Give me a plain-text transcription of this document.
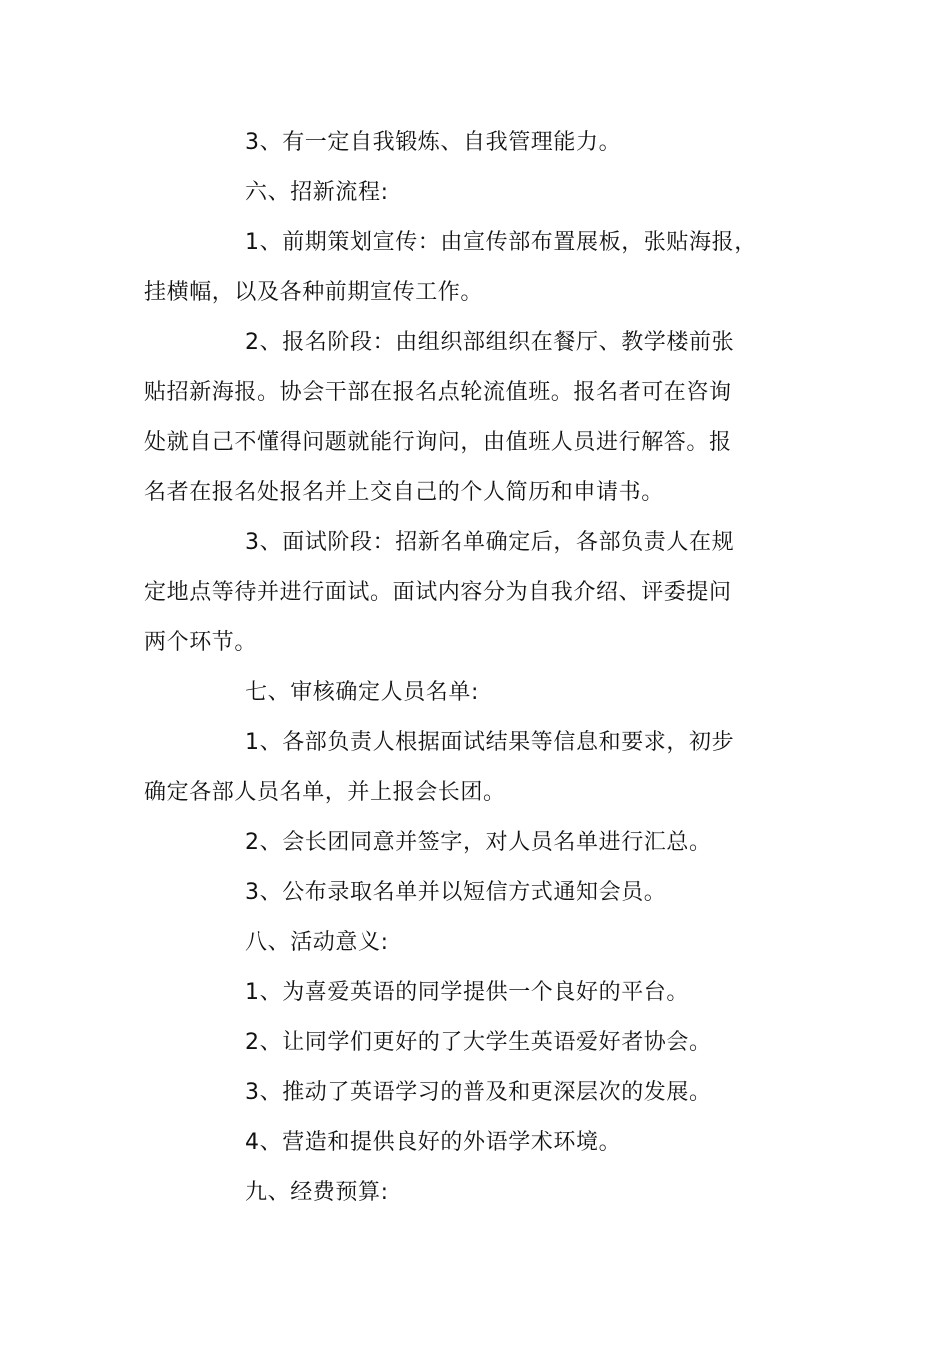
3、有一定自我锻炼、自我管理能力。
六、招新流程:
1、前期策划宣传：由宣传部布置展板，张贴海报，
挂横幅，以及各种前期宣传工作。
2、报名阶段：由组织部组织在餐厅、教学楼前张
贴招新海报。协会干部在报名点轮流值班。报名者可在咨询
处就自己不懂得问题就能行询问，由值班人员进行解答。报
名者在报名处报名并上交自己的个人简历和申请书。
3、面试阶段：招新名单确定后，各部负责人在规
定地点等待并进行面试。面试内容分为自我介绍、评委提问
两个环节。
七、审核确定人员名单:
1、各部负责人根据面试结果等信息和要求，初步
确定各部人员名单，并上报会长团。
2、会长团同意并签字，对人员名单进行汇总。
3、公布录取名单并以短信方式通知会员。
八、活动意义:
1、为喜爱英语的同学提供一个良好的平台。
2、让同学们更好的了大学生英语爱好者协会。
3、推动了英语学习的普及和更深层次的发展。
4、营造和提供良好的外语学术环境。
九、经费预算:
